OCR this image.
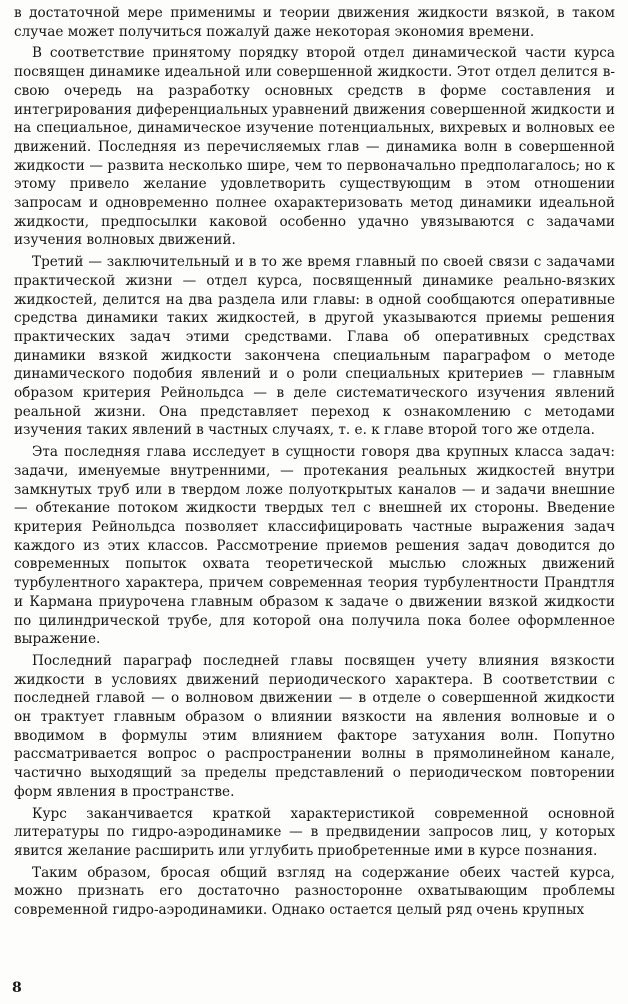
в достаточной мере применимы и теории движения жидкости вязкой, в таком случае может получиться пожалуй даже некоторая экономия времени.

В соответствие принятому порядку второй отдел динамической части курса посвящен динамике идеальной или совершенной жидкости. Этот отдел делится в-свою очередь на разработку основных средств в форме составления и интегрирования диференциальных уравнений движения совершенной жидкости и на специальное, динамическое изучение потенциальных, вихревых и волновых ее движений. Последняя из перечисляемых глав — динамика волн в совершенной жидкости — развита несколько шире, чем то первоначально предполагалось; но к этому привело желание удовлетворить существующим в этом отношении запросам и одновременно полнее охарактеризовать метод динамики идеальной жидкости, предпосылки каковой особенно удачно увязываются с задачами изучения волновых движений.

Третий — заключительный и в то же время главный по своей связи с задачами практической жизни — отдел курса, посвященный динамике реально-вязких жидкостей, делится на два раздела или главы: в одной сообщаются оперативные средства динамики таких жидкостей, в другой указываются приемы решения практических задач этими средствами. Глава об оперативных средствах динамики вязкой жидкости закончена специальным параграфом о методе динамического подобия явлений и о роли специальных критериев — главным образом критерия Рейнольдса — в деле систематического изучения явлений реальной жизни. Она представляет переход к ознакомлению с методами изучения таких явлений в частных случаях, т. е. к главе второй того же отдела.

Эта последняя глава исследует в сущности говоря два крупных класса задач: задачи, именуемые внутренними, — протекания реальных жидкостей внутри замкнутых труб или в твердом ложе полуоткрытых каналов — и задачи внешние — обтекание потоком жидкости твердых тел с внешней их стороны. Введение критерия Рейнольдса позволяет классифицировать частные выражения задач каждого из этих классов. Рассмотрение приемов решения задач доводится до современных попыток охвата теоретической мыслью сложных движений турбулентного характера, причем современная теория турбулентности Прандтля и Кармана приурочена главным образом к задаче о движении вязкой жидкости по цилиндрической трубе, для которой она получила пока более оформленное выражение.

Последний параграф последней главы посвящен учету влияния вязкости жидкости в условиях движений периодического характера. В соответствии с последней главой — о волновом движении — в отделе о совершенной жидкости он трактует главным образом о влиянии вязкости на явления волновые и о вводимом в формулы этим влиянием факторе затухания волн. Попутно рассматривается вопрос о распространении волны в прямолинейном канале, частично выходящий за пределы представлений о периодическом повторении форм явления в пространстве.

Курс заканчивается краткой характеристикой современной основной литературы по гидро-аэродинамике — в предвидении запросов лиц, у которых явится желание расширить или углубить приобретенные ими в курсе познания.

Таким образом, бросая общий взгляд на содержание обеих частей курса, можно признать его достаточно разносторонне охватывающим проблемы современной гидро-аэродинамики. Однако остается целый ряд очень крупных

8
